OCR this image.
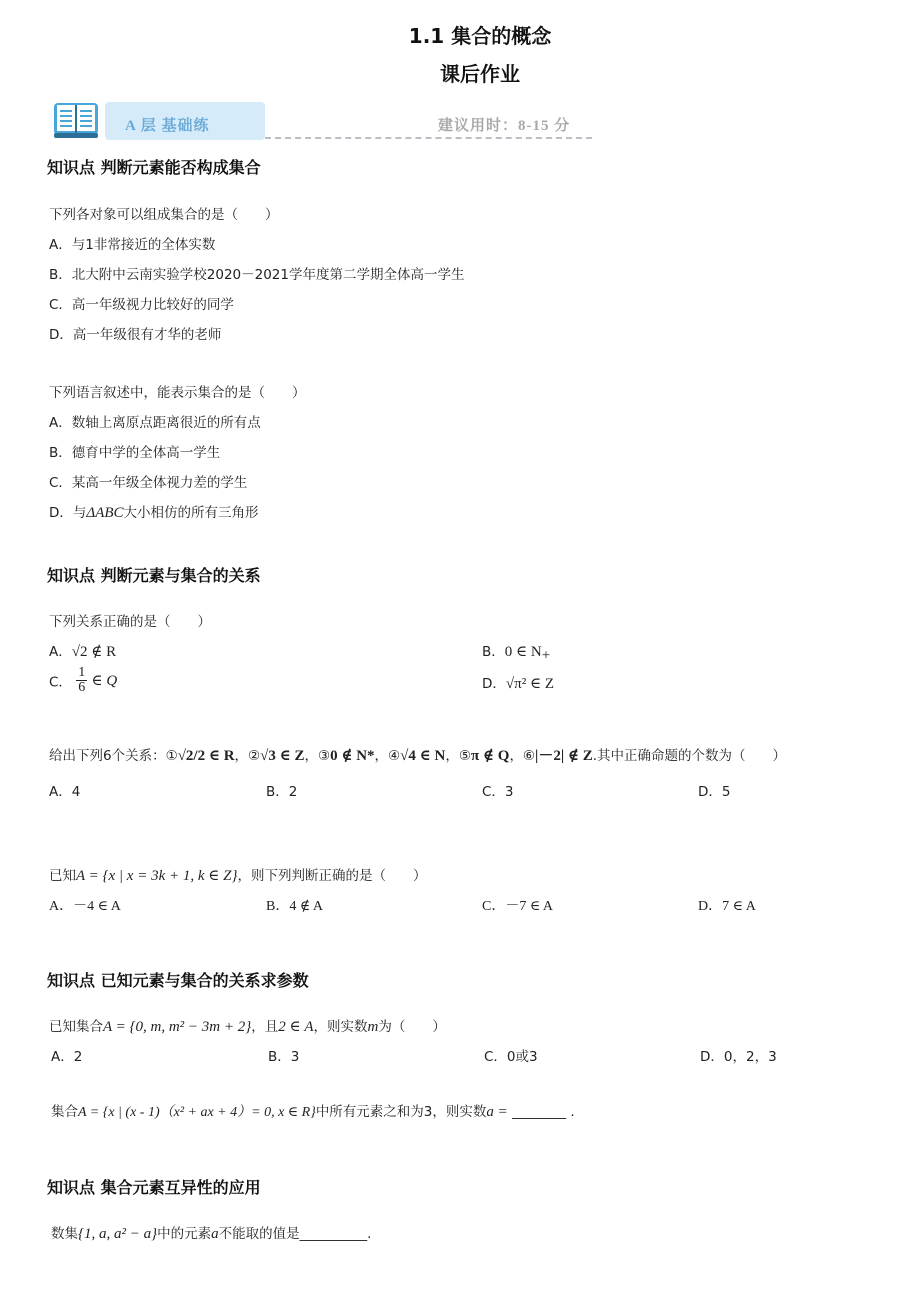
1.1 集合的概念
课后作业
A 层 基础练	建议用时：8-15 分
知识点 判断元素能否构成集合
下列各对象可以组成集合的是（　　）
A．与1非常接近的全体实数
B．北大附中云南实验学校2020－2021学年度第二学期全体高一学生
C．高一年级视力比较好的同学
D．高一年级很有才华的老师
下列语言叙述中，能表示集合的是（　　）
A．数轴上离原点距离很近的所有点
B．德育中学的全体高一学生
C．某高一年级全体视力差的学生
D．与ΔABC大小相仿的所有三角形
知识点 判断元素与集合的关系
下列关系正确的是（　　）
A．√2 ∉ R	B．0 ∈ $N_+$
C． $\frac{1}{6}$ ∈ Q	D．√π² ∈ Z
给出下列6个关系：①√2/2 ∈ R，②√3 ∈ Z，③0 ∉ N*，④√4 ∈ N，⑤π ∉ Q，⑥|－2| ∉ Z.其中正确命题的个数为（　　）
A．4	B．2	C．3	D．5
已知A = {x | x = 3k + 1, k ∈ Z}，则下列判断正确的是（　　）
A．－4 ∈ A	B．4 ∉ A	C．－7 ∈ A	D．7 ∈ A
知识点 已知元素与集合的关系求参数
已知集合A = {0, m, m² − 3m + 2}，且2 ∈ A，则实数m为（　　）
A．2	B．3	C．0或3	D．0，2，3
集合A = {x | (x - 1)（x² + ax + 4）= 0, x ∈ R}中所有元素之和为3，则实数a = ________ .
知识点 集合元素互异性的应用
数集{1, a, a² − a}中的元素a不能取的值是__________.
